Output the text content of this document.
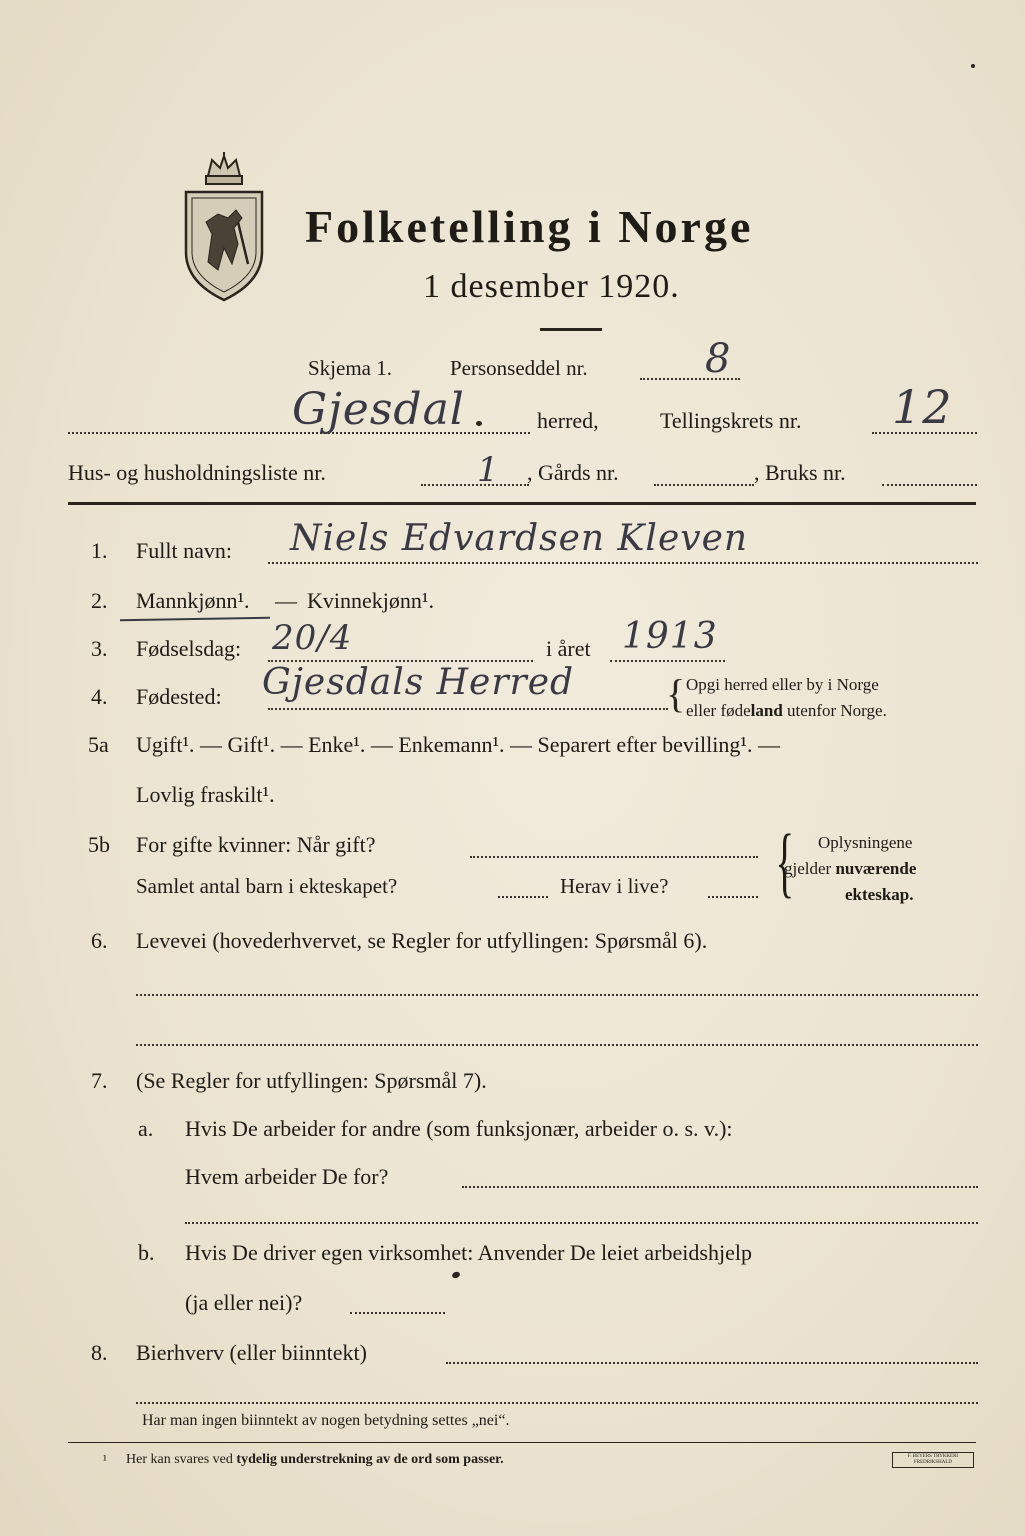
Folketelling i Norge
1 desember 1920.
Skjema 1.	Personseddel nr.	8
Gjesdal	herred,	Tellingskrets nr. 12
Hus- og husholdningsliste nr.	1 , Gårds nr.	, Bruks nr.
1. Fullt navn: Niels Edvardsen Kleven
2. Mannkjønn¹. — Kvinnekjønn¹.
3. Fødselsdag: 20/4	i året 1913
4. Fødested: Gjesdals Herred { Opgi herred eller by i Norge
eller fødeland utenfor Norge.
5a Ugift¹. — Gift¹. — Enke¹. — Enkemann¹. — Separert efter bevilling¹. —
Lovlig fraskilt¹.
5b For gifte kvinner: Når gift?
Samlet antal barn i ekteskapet?	Herav i live? { Oplysningene
gjelder nuværende
ekteskap.
6. Levevei (hovederhvervet, se Regler for utfyllingen: Spørsmål 6).
7. (Se Regler for utfyllingen: Spørsmål 7).
a. Hvis De arbeider for andre (som funksjonær, arbeider o. s. v.):
Hvem arbeider De for?
b. Hvis De driver egen virksomhet: Anvender De leiet arbeidshjelp
(ja eller nei)?
8. Bierhverv (eller biinntekt)
Har man ingen biinntekt av nogen betydning settes „nei“.
¹ Her kan svares ved tydelig understrekning av de ord som passer.	F. BEYERS TRYKKERI FREDRIKSHALD
